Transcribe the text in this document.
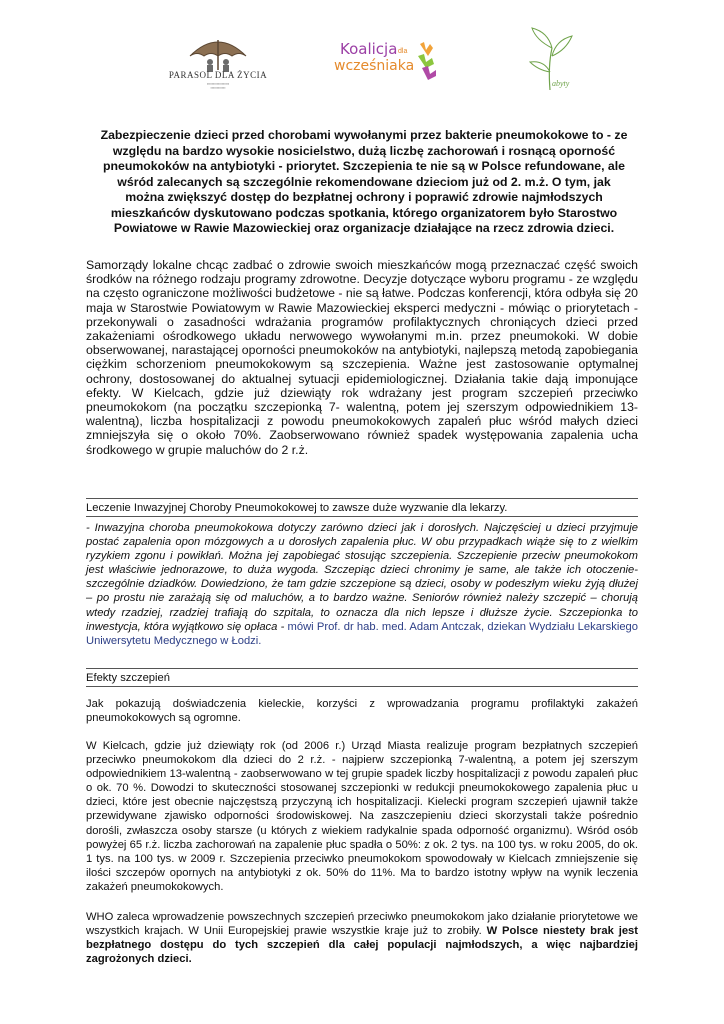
PARASOL DLA ŻYCIA
▪▪▪▪▪▪▪▪▪▪▪▪▪▪▪▪▪▪
▪▪▪▪▪▪▪▪▪▪▪▪
Koalicja dla
wcześniaka
abyty
Zabezpieczenie dzieci przed chorobami wywołanymi przez bakterie pneumokokowe to - ze względu na bardzo wysokie nosicielstwo, dużą liczbę zachorowań i rosnącą oporność pneumokoków na antybiotyki - priorytet. Szczepienia te nie są w Polsce refundowane, ale wśród zalecanych są szczególnie rekomendowane dzieciom już od 2. m.ż. O tym, jak można zwiększyć dostęp do bezpłatnej ochrony i poprawić zdrowie najmłodszych mieszkańców dyskutowano podczas spotkania, którego organizatorem było Starostwo Powiatowe w Rawie Mazowieckiej oraz organizacje działające na rzecz zdrowia dzieci.
Samorządy lokalne chcąc zadbać o zdrowie swoich mieszkańców mogą przeznaczać część swoich środków na różnego rodzaju programy zdrowotne. Decyzje dotyczące wyboru programu - ze względu na często ograniczone możliwości budżetowe - nie są łatwe. Podczas konferencji, która odbyła się 20 maja w Starostwie Powiatowym w Rawie Mazowieckiej eksperci medyczni - mówiąc o priorytetach - przekonywali o zasadności wdrażania programów profilaktycznych chroniących dzieci przed zakażeniami ośrodkowego układu nerwowego wywołanymi m.in. przez pneumokoki. W dobie obserwowanej, narastającej oporności pneumokoków na antybiotyki, najlepszą metodą zapobiegania ciężkim schorzeniom pneumokokowym są szczepienia. Ważne jest zastosowanie optymalnej ochrony, dostosowanej do aktualnej sytuacji epidemiologicznej. Działania takie dają imponujące efekty. W Kielcach, gdzie już dziewiąty rok wdrażany jest program szczepień przeciwko pneumokokom (na początku szczepionką 7- walentną, potem jej szerszym odpowiednikiem 13- walentną), liczba hospitalizacji z powodu pneumokokowych zapaleń płuc wśród małych dzieci zmniejszyła się o około 70%. Zaobserwowano również spadek występowania zapalenia ucha środkowego w grupie maluchów do 2 r.ż.
Leczenie Inwazyjnej Choroby Pneumokokowej to zawsze duże wyzwanie dla lekarzy.
- Inwazyjna choroba pneumokokowa dotyczy zarówno dzieci jak i dorosłych. Najczęściej u dzieci przyjmuje postać zapalenia opon mózgowych a u dorosłych zapalenia płuc. W obu przypadkach wiąże się to z wielkim ryzykiem zgonu i powikłań. Można jej zapobiegać stosując szczepienia. Szczepienie przeciw pneumokokom jest właściwie jednorazowe, to duża wygoda. Szczepiąc dzieci chronimy je same, ale także ich otoczenie- szczególnie dziadków. Dowiedziono, że tam gdzie szczepione są dzieci, osoby w podeszłym wieku żyją dłużej – po prostu nie zarażają się od maluchów, a to bardzo ważne. Seniorów również należy szczepić – chorują wtedy rzadziej, rzadziej trafiają do szpitala, to oznacza dla nich lepsze i dłuższe życie. Szczepionka to inwestycja, która wyjątkowo się opłaca - mówi Prof. dr hab. med. Adam Antczak, dziekan Wydziału Lekarskiego Uniwersytetu Medycznego w Łodzi.
Efekty szczepień
Jak pokazują doświadczenia kieleckie, korzyści z wprowadzania programu profilaktyki zakażeń pneumokokowych są ogromne.
W Kielcach, gdzie już dziewiąty rok (od 2006 r.) Urząd Miasta realizuje program bezpłatnych szczepień przeciwko pneumokokom dla dzieci do 2 r.ż. - najpierw szczepionką 7-walentną, a potem jej szerszym odpowiednikiem 13-walentną - zaobserwowano w tej grupie spadek liczby hospitalizacji z powodu zapaleń płuc o ok. 70 %. Dowodzi to skuteczności stosowanej szczepionki w redukcji pneumokokowego zapalenia płuc u dzieci, które jest obecnie najczęstszą przyczyną ich hospitalizacji. Kielecki program szczepień ujawnił także przewidywane zjawisko odporności środowiskowej. Na zaszczepieniu dzieci skorzystali także pośrednio dorośli, zwłaszcza osoby starsze (u których z wiekiem radykalnie spada odporność organizmu). Wśród osób powyżej 65 r.ż. liczba zachorowań na zapalenie płuc spadła o 50%: z ok. 2 tys. na 100 tys. w roku 2005, do ok. 1 tys. na 100 tys. w 2009 r. Szczepienia przeciwko pneumokokom spowodowały w Kielcach zmniejszenie się ilości szczepów opornych na antybiotyki z ok. 50% do 11%. Ma to bardzo istotny wpływ na wynik leczenia zakażeń pneumokokowych.
WHO zaleca wprowadzenie powszechnych szczepień przeciwko pneumokokom jako działanie priorytetowe we wszystkich krajach. W Unii Europejskiej prawie wszystkie kraje już to zrobiły. W Polsce niestety brak jest bezpłatnego dostępu do tych szczepień dla całej populacji najmłodszych, a więc najbardziej zagrożonych dzieci.
